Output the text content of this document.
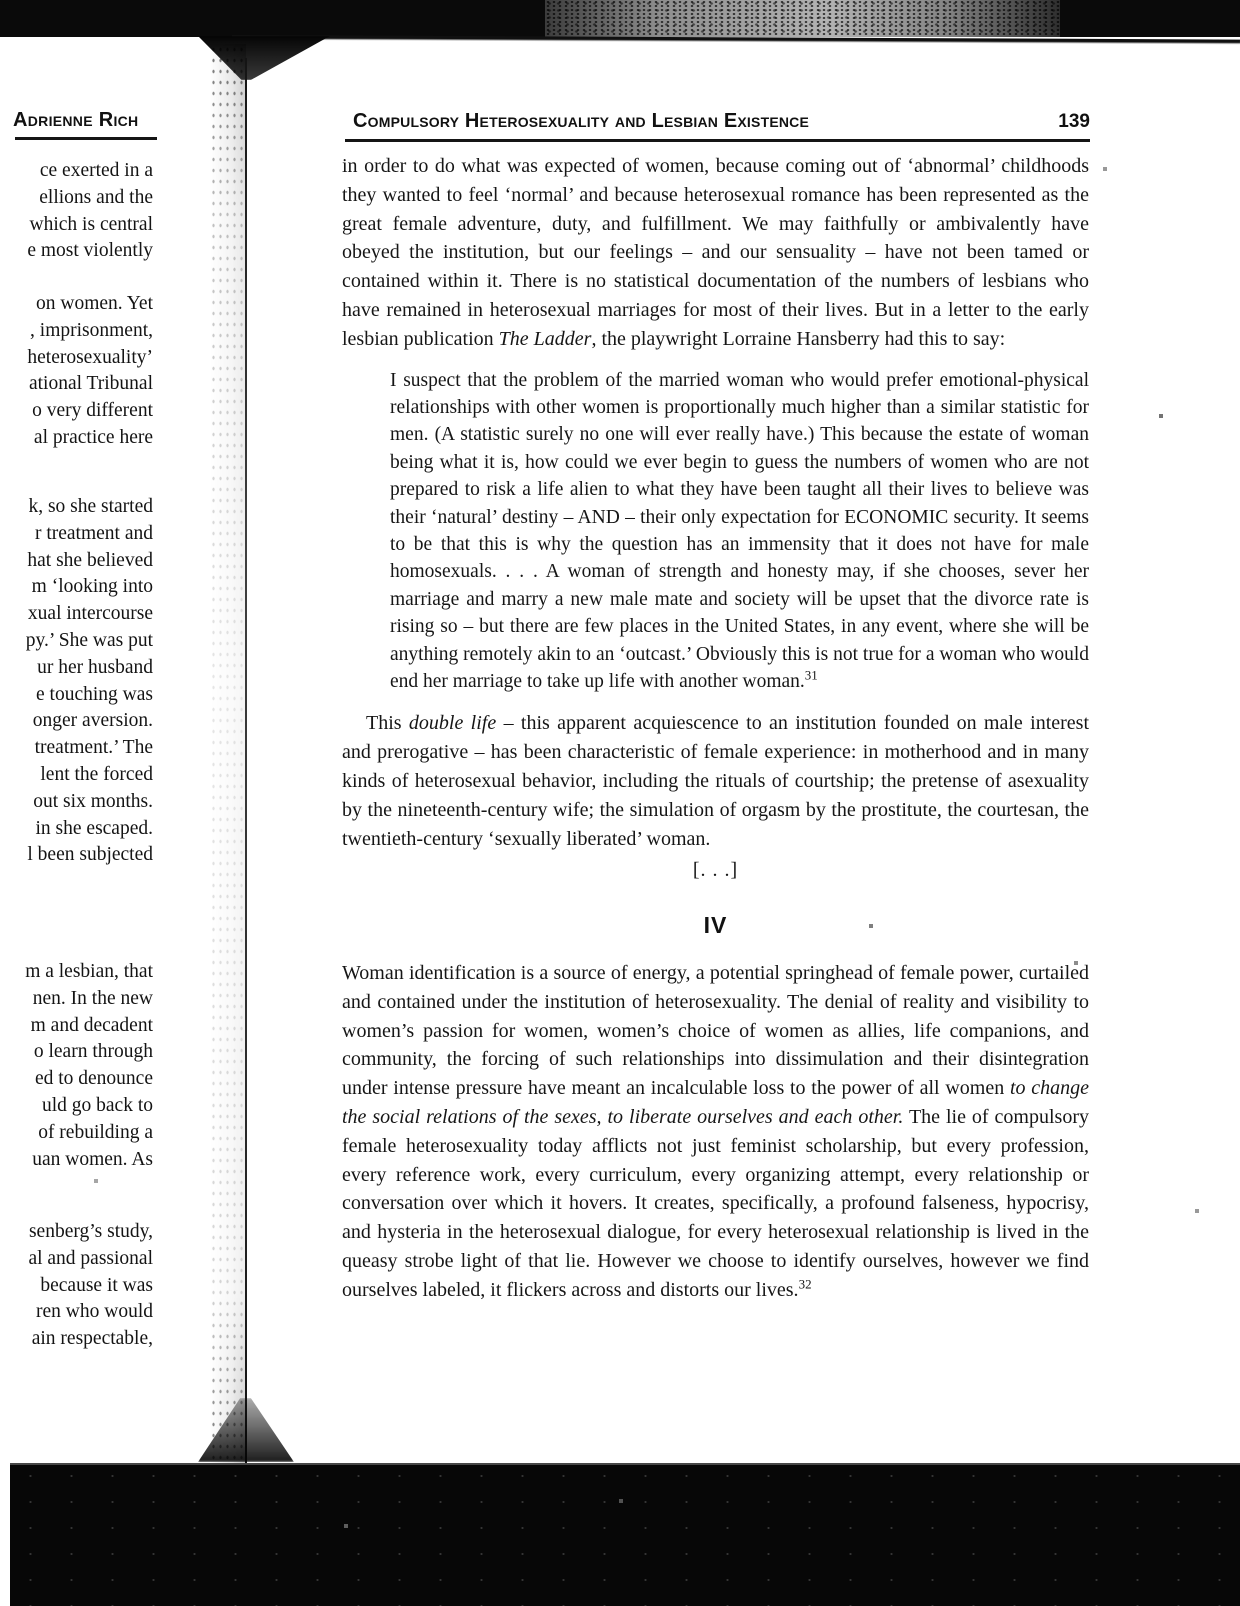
Adrienne Rich
ce exerted in a
ellions and the
which is central
e most violently
on women. Yet
, imprisonment,
heterosexuality’
ational Tribunal
o very different
al practice here
k, so she started
r treatment and
hat she believed
m ‘looking into
xual intercourse
py.’ She was put
ur her husband
e touching was
onger aversion.
treatment.’ The
lent the forced
out six months.
in she escaped.
l been subjected
m a lesbian, that
nen. In the new
m and decadent
o learn through
ed to denounce
uld go back to
of rebuilding a
uan women. As
senberg’s study,
al and passional
because it was
ren who would
ain respectable,
Compulsory Heterosexuality and Lesbian Existence	139

in order to do what was expected of women, because coming out of ‘abnormal’ childhoods they wanted to feel ‘normal’ and because heterosexual romance has been represented as the great female adventure, duty, and fulfillment. We may faithfully or ambivalently have obeyed the institution, but our feelings – and our sensuality – have not been tamed or contained within it. There is no statistical documentation of the numbers of lesbians who have remained in heterosexual marriages for most of their lives. But in a letter to the early lesbian publication The Ladder, the playwright Lorraine Hansberry had this to say:

I suspect that the problem of the married woman who would prefer emotional-physical relationships with other women is proportionally much higher than a similar statistic for men. (A statistic surely no one will ever really have.) This because the estate of woman being what it is, how could we ever begin to guess the numbers of women who are not prepared to risk a life alien to what they have been taught all their lives to believe was their ‘natural’ destiny – AND – their only expectation for ECONOMIC security. It seems to be that this is why the question has an immensity that it does not have for male homosexuals. . . . A woman of strength and honesty may, if she chooses, sever her marriage and marry a new male mate and society will be upset that the divorce rate is rising so – but there are few places in the United States, in any event, where she will be anything remotely akin to an ‘outcast.’ Obviously this is not true for a woman who would end her marriage to take up life with another woman.$^{31}$

This double life – this apparent acquiescence to an institution founded on male interest and prerogative – has been characteristic of female experience: in motherhood and in many kinds of heterosexual behavior, including the rituals of courtship; the pretense of asexuality by the nineteenth-century wife; the simulation of orgasm by the prostitute, the courtesan, the twentieth-century ‘sexually liberated’ woman.

[. . .]
IV

Woman identification is a source of energy, a potential springhead of female power, curtailed and contained under the institution of heterosexuality. The denial of reality and visibility to women’s passion for women, women’s choice of women as allies, life companions, and community, the forcing of such relationships into dissimulation and their disintegration under intense pressure have meant an incalculable loss to the power of all women to change the social relations of the sexes, to liberate ourselves and each other. The lie of compulsory female heterosexuality today afflicts not just feminist scholarship, but every profession, every reference work, every curriculum, every organizing attempt, every relationship or conversation over which it hovers. It creates, specifically, a profound falseness, hypocrisy, and hysteria in the heterosexual dialogue, for every heterosexual relationship is lived in the queasy strobe light of that lie. However we choose to identify ourselves, however we find ourselves labeled, it flickers across and distorts our lives.$^{32}$
